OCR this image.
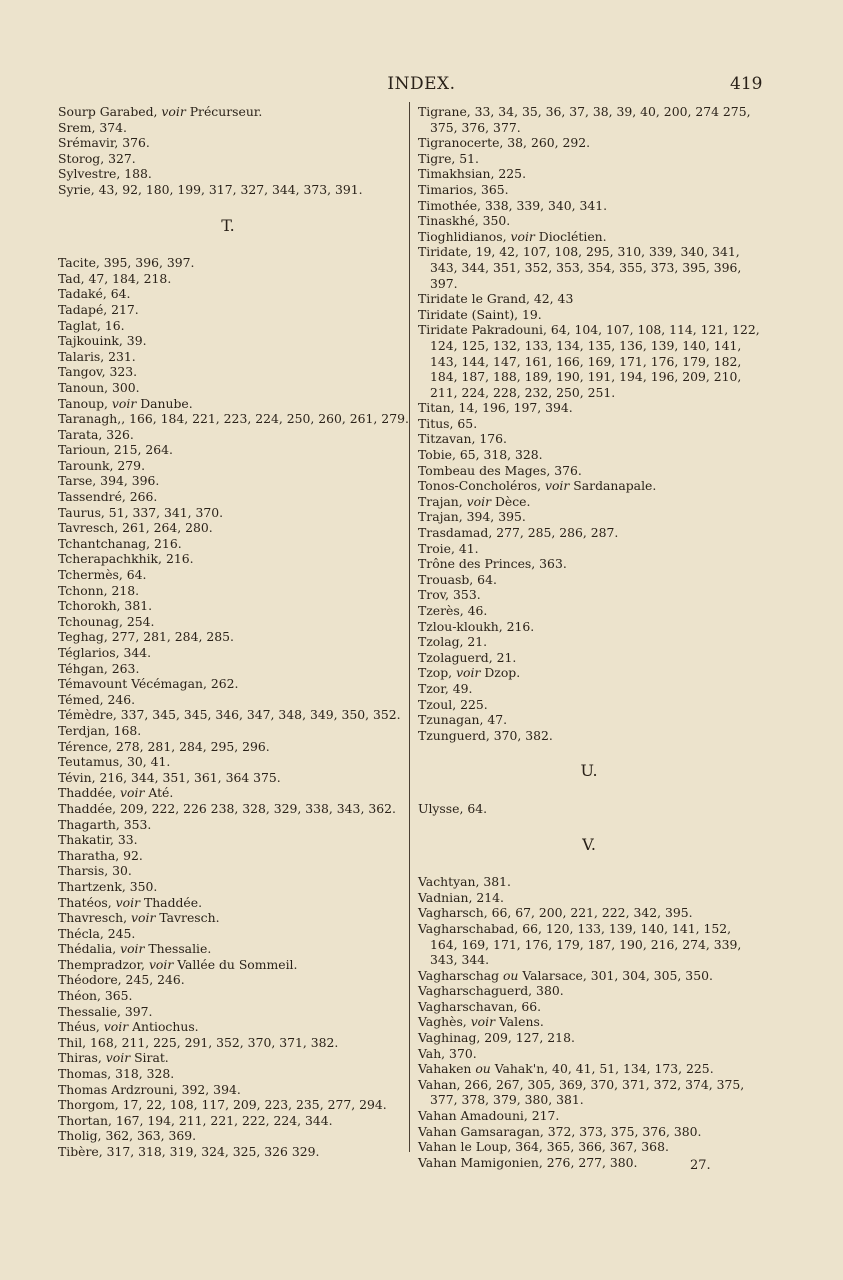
INDEX.	419

Sourp Garabed, voir Précurseur.

Srem, 374.

Srémavir, 376.

Storog, 327.

Sylvestre, 188.

Syrie, 43, 92, 180, 199, 317, 327, 344, 373, 391.

T.

Tacite, 395, 396, 397.

Tad, 47, 184, 218.

Tadaké, 64.

Tadapé, 217.

Taglat, 16.

Tajkouink, 39.

Talaris, 231.

Tangov, 323.

Tanoun, 300.

Tanoup, voir Danube.

Taranagh,, 166, 184, 221, 223, 224, 250, 260, 261, 279.

Tarata, 326.

Tarioun, 215, 264.

Tarounk, 279.

Tarse, 394, 396.

Tassendré, 266.

Taurus, 51, 337, 341, 370.

Tavresch, 261, 264, 280.

Tchantchanag, 216.

Tcherapachkhik, 216.

Tchermès, 64.

Tchonn, 218.

Tchorokh, 381.

Tchounag, 254.

Teghag, 277, 281, 284, 285.

Téglarios, 344.

Téhgan, 263.

Témavount Vécémagan, 262.

Témed, 246.

Témèdre, 337, 345, 345, 346, 347, 348, 349, 350, 352.

Terdjan, 168.

Térence, 278, 281, 284, 295, 296.

Teutamus, 30, 41.

Tévin, 216, 344, 351, 361, 364 375.

Thaddée, voir Até.

Thaddée, 209, 222, 226 238, 328, 329, 338, 343, 362.

Thagarth, 353.

Thakatir, 33.

Tharatha, 92.

Tharsis, 30.

Thartzenk, 350.

Thatéos, voir Thaddée.

Thavresch, voir Tavresch.

Thécla, 245.

Thédalia, voir Thessalie.

Thempradzor, voir Vallée du Sommeil.

Théodore, 245, 246.

Théon, 365.

Thessalie, 397.

Théus, voir Antiochus.

Thil, 168, 211, 225, 291, 352, 370, 371, 382.

Thiras, voir Sirat.

Thomas, 318, 328.

Thomas Ardzrouni, 392, 394.

Thorgom, 17, 22, 108, 117, 209, 223, 235, 277, 294.

Thortan, 167, 194, 211, 221, 222, 224, 344.

Tholig, 362, 363, 369.

Tibère, 317, 318, 319, 324, 325, 326 329.

Tigrane, 33, 34, 35, 36, 37, 38, 39, 40, 200, 274 275, 375, 376, 377.

Tigranocerte, 38, 260, 292.

Tigre, 51.

Timakhsian, 225.

Timarios, 365.

Timothée, 338, 339, 340, 341.

Tinaskhé, 350.

Tioghlidianos, voir Dioclétien.

Tiridate, 19, 42, 107, 108, 295, 310, 339, 340, 341, 343, 344, 351, 352, 353, 354, 355, 373, 395, 396, 397.

Tiridate le Grand, 42, 43

Tiridate (Saint), 19.

Tiridate Pakradouni, 64, 104, 107, 108, 114, 121, 122, 124, 125, 132, 133, 134, 135, 136, 139, 140, 141, 143, 144, 147, 161, 166, 169, 171, 176, 179, 182, 184, 187, 188, 189, 190, 191, 194, 196, 209, 210, 211, 224, 228, 232, 250, 251.

Titan, 14, 196, 197, 394.

Titus, 65.

Titzavan, 176.

Tobie, 65, 318, 328.

Tombeau des Mages, 376.

Tonos-Concholéros, voir Sardanapale.

Trajan, voir Dèce.

Trajan, 394, 395.

Trasdamad, 277, 285, 286, 287.

Troie, 41.

Trône des Princes, 363.

Trouasb, 64.

Trov, 353.

Tzerès, 46.

Tzlou-kloukh, 216.

Tzolag, 21.

Tzolaguerd, 21.

Tzop, voir Dzop.

Tzor, 49.

Tzoul, 225.

Tzunagan, 47.

Tzunguerd, 370, 382.

U.

Ulysse, 64.

V.

Vachtyan, 381.

Vadnian, 214.

Vagharsch, 66, 67, 200, 221, 222, 342, 395.

Vagharschabad, 66, 120, 133, 139, 140, 141, 152, 164, 169, 171, 176, 179, 187, 190, 216, 274, 339, 343, 344.

Vagharschag ou Valarsace, 301, 304, 305, 350.

Vagharschaguerd, 380.

Vagharschavan, 66.

Vaghès, voir Valens.

Vaghinag, 209, 127, 218.

Vah, 370.

Vahaken ou Vahak'n, 40, 41, 51, 134, 173, 225.

Vahan, 266, 267, 305, 369, 370, 371, 372, 374, 375, 377, 378, 379, 380, 381.

Vahan Amadouni, 217.

Vahan Gamsaragan, 372, 373, 375, 376, 380.

Vahan le Loup, 364, 365, 366, 367, 368.

Vahan Mamigonien, 276, 277, 380.	27.
